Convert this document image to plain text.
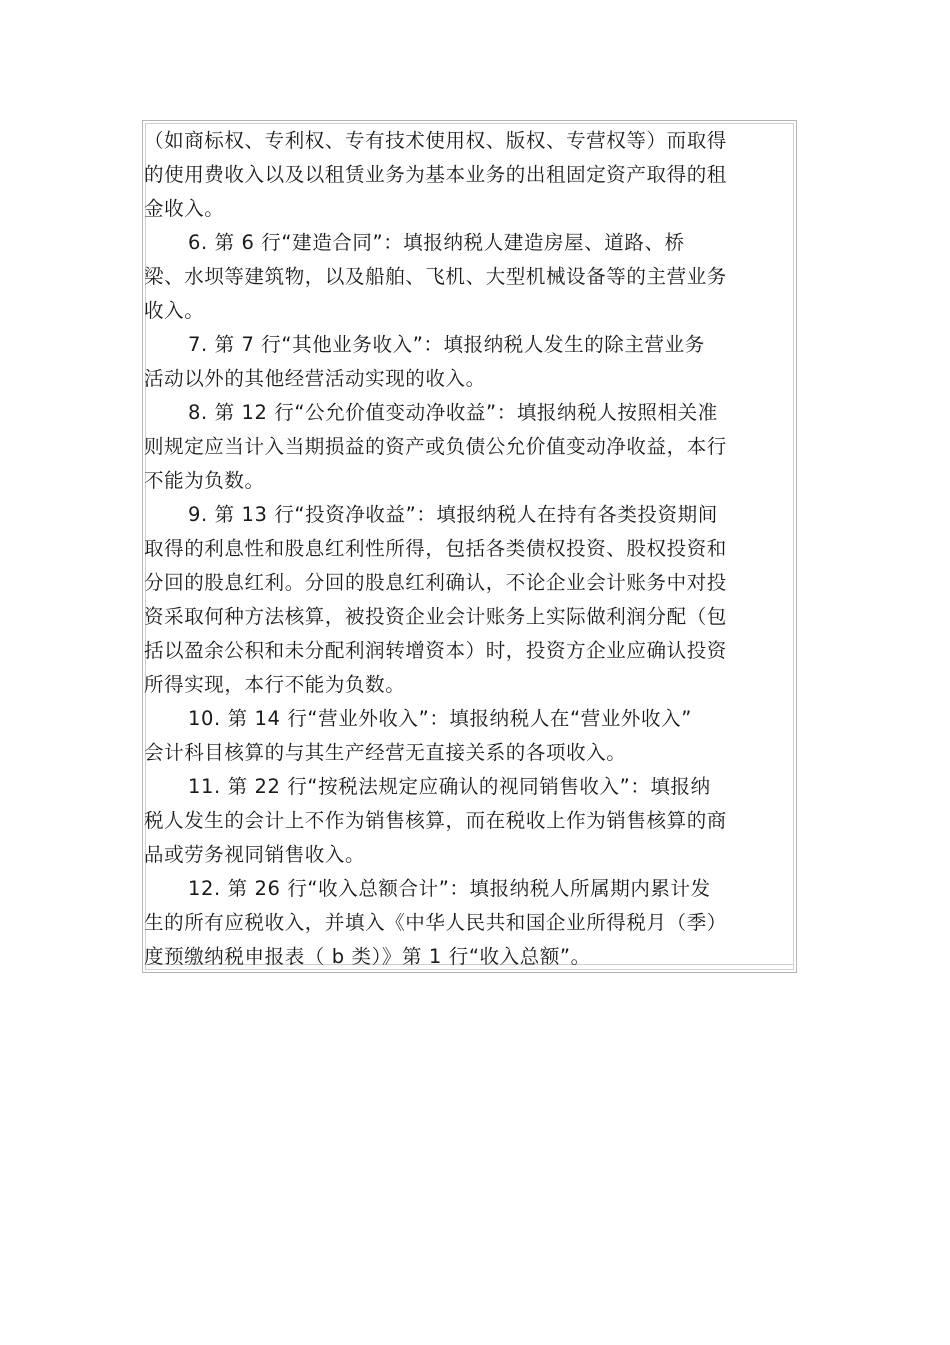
（如商标权、专利权、专有技术使用权、版权、专营权等）而取得
的使用费收入以及以租赁业务为基本业务的出租固定资产取得的租
金收入。

6. 第 6 行“建造合同”：填报纳税人建造房屋、道路、桥
梁、水坝等建筑物，以及船舶、飞机、大型机械设备等的主营业务
收入。

7. 第 7 行“其他业务收入”：填报纳税人发生的除主营业务
活动以外的其他经营活动实现的收入。

8. 第 12 行“公允价值变动净收益”：填报纳税人按照相关准
则规定应当计入当期损益的资产或负债公允价值变动净收益，本行
不能为负数。

9. 第 13 行“投资净收益”：填报纳税人在持有各类投资期间
取得的利息性和股息红利性所得，包括各类债权投资、股权投资和
分回的股息红利。分回的股息红利确认，不论企业会计账务中对投
资采取何种方法核算，被投资企业会计账务上实际做利润分配（包
括以盈余公积和未分配利润转增资本）时，投资方企业应确认投资
所得实现，本行不能为负数。

10. 第 14 行“营业外收入”：填报纳税人在“营业外收入”
会计科目核算的与其生产经营无直接关系的各项收入。

11. 第 22 行“按税法规定应确认的视同销售收入”：填报纳
税人发生的会计上不作为销售核算，而在税收上作为销售核算的商
品或劳务视同销售收入。

12. 第 26 行“收入总额合计”：填报纳税人所属期内累计发
生的所有应税收入，并填入《中华人民共和国企业所得税月（季）
度预缴纳税申报表（ b 类）》第 1 行“收入总额”。
